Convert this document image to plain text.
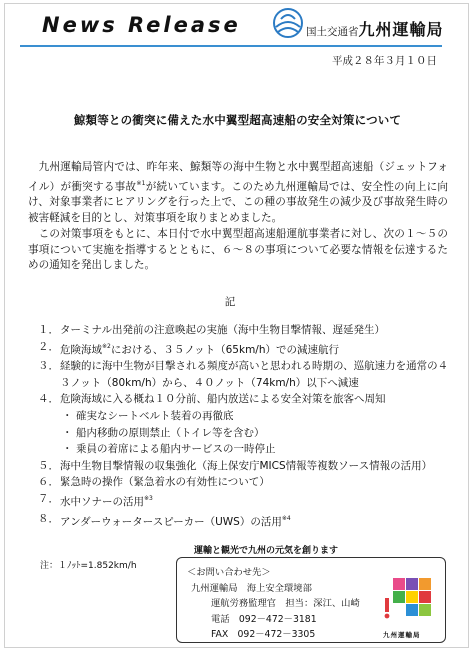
News Release	国土交通省九州運輸局
平成２８年３月１０日
鯨類等との衝突に備えた水中翼型超高速船の安全対策について

九州運輸局管内では、昨年来、鯨類等の海中生物と水中翼型超高速船（ジェットフォイル）が衝突する事故$^{※1}$が続いています。このため九州運輸局では、安全性の向上に向け、対象事業者にヒアリングを行った上で、この種の事故発生の減少及び事故発生時の被害軽減を目的とし、対策事項を取りまとめました。

この対策事項をもとに、本日付で水中翼型超高速船運航事業者に対し、次の１～５の事項について実施を指導するとともに、６～８の事項について必要な情報を伝達するための通知を発出しました。

記
１． ターミナル出発前の注意喚起の実施（海中生物目撃情報、遅延発生）
２． 危険海域$^{※2}$における、３５ノット（65km/h）での減速航行
３． 経験的に海中生物が目撃される頻度が高いと思われる時期の、巡航速力を通常の４３ノット（80km/h）から、４０ノット（74km/h）以下へ減速
４． 危険海域に入る概ね１０分前、船内放送による安全対策を旅客へ周知
・ 確実なシートベルト装着の再徹底
・ 船内移動の原則禁止（トイレ等を含む）
・ 乗員の着席による船内サービスの一時停止
５． 海中生物目撃情報の収集強化（海上保安庁MICS情報等複数ソース情報の活用）
６． 緊急時の操作（緊急着水の有効性について）
７． 水中ソナーの活用$^{※3}$
８． アンダーウォータースピーカー（UWS）の活用$^{※4}$
運輸と観光で九州の元気を創ります
注：１ﾉｯﾄ=1.852km/h
＜お問い合わせ先＞
九州運輸局　海上安全環境部
運航労務監理官　担当：深江、山崎
電話　092－472－3181
FAX　092－472－3305	九州運輸局
